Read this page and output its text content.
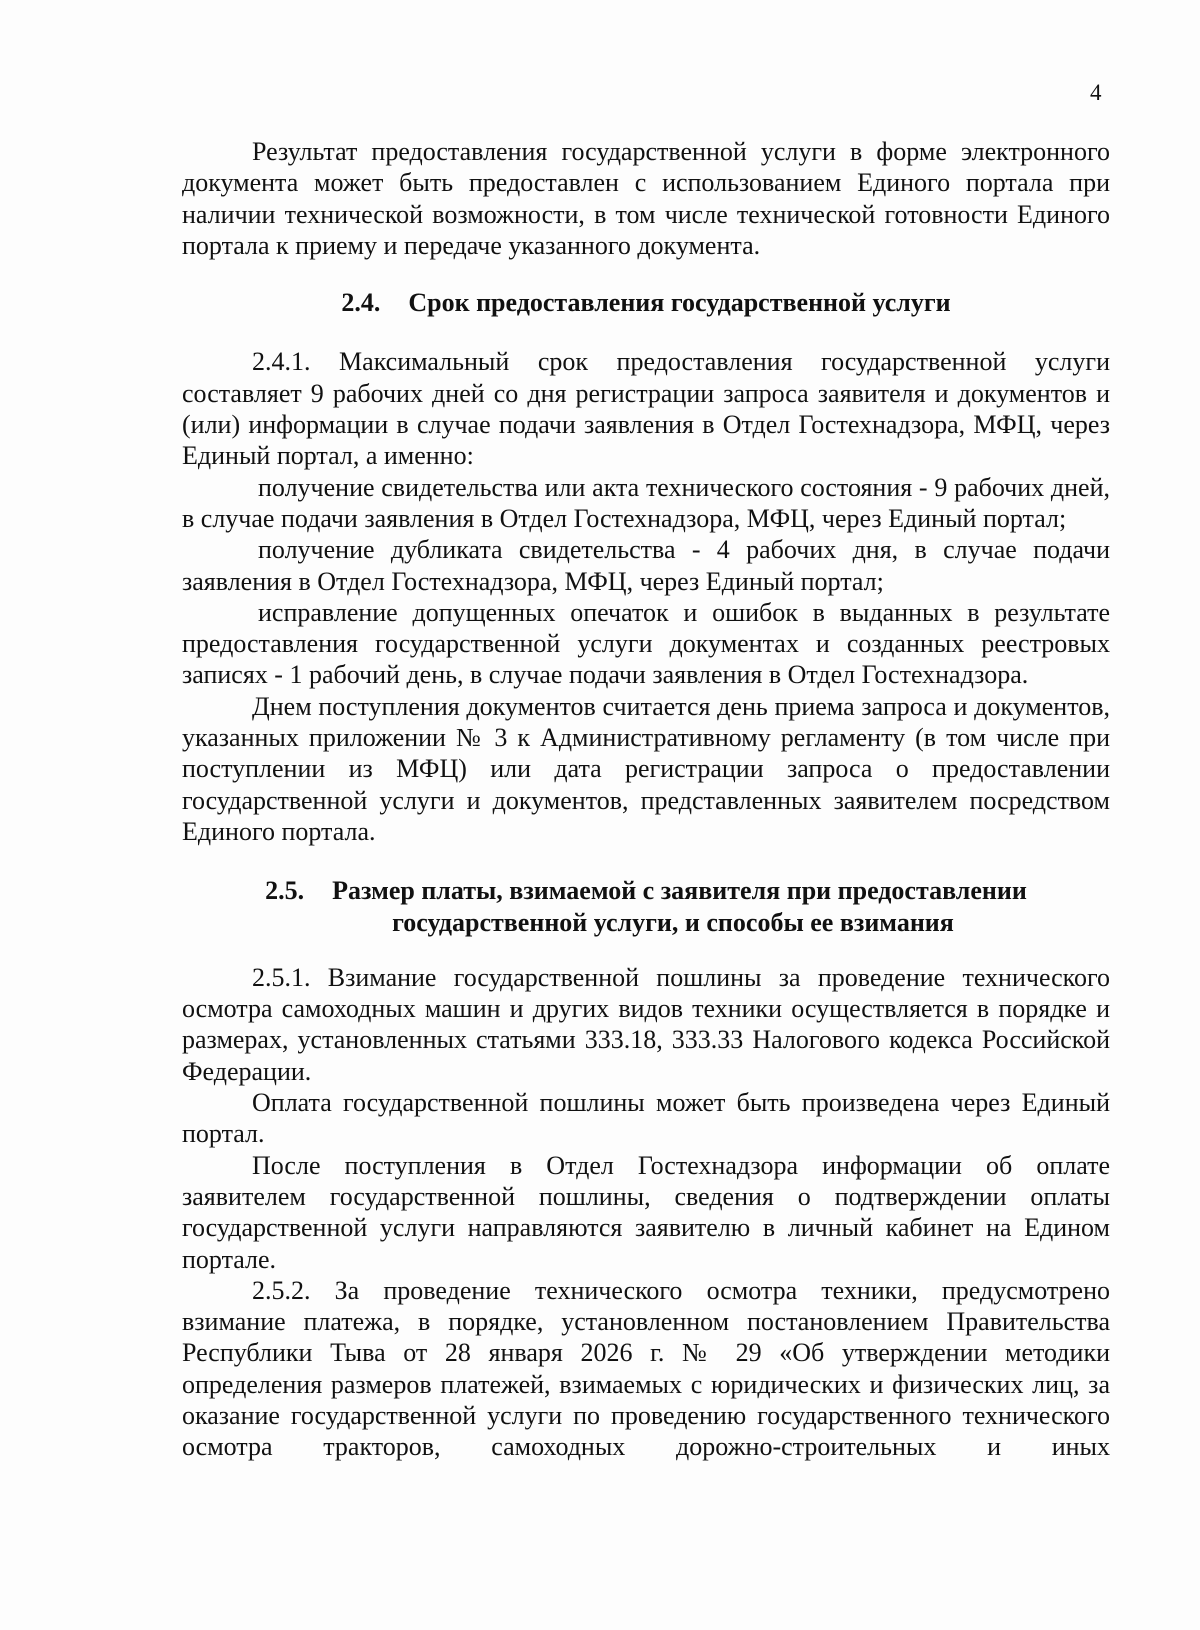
4

Результат предоставления государственной услуги в форме электронного документа может быть предоставлен с использованием Единого портала при наличии технической возможности, в том числе технической готовности Единого портала к приему и передаче указанного документа.

2.4. Срок предоставления государственной услуги

2.4.1. Максимальный срок предоставления государственной услуги составляет 9 рабочих дней со дня регистрации запроса заявителя и документов и (или) информации в случае подачи заявления в Отдел Гостехнадзора, МФЦ, через Единый портал, а именно:

получение свидетельства или акта технического состояния - 9 рабочих дней, в случае подачи заявления в Отдел Гостехнадзора, МФЦ, через Единый портал;

получение дубликата свидетельства - 4 рабочих дня, в случае подачи заявления в Отдел Гостехнадзора, МФЦ, через Единый портал;

исправление допущенных опечаток и ошибок в выданных в результате предоставления государственной услуги документах и созданных реестровых записях - 1 рабочий день, в случае подачи заявления в Отдел Гостехнадзора.

Днем поступления документов считается день приема запроса и документов, указанных приложении № 3 к Административному регламенту (в том числе при поступлении из МФЦ) или дата регистрации запроса о предоставлении государственной услуги и документов, представленных заявителем посредством Единого портала.

2.5. Размер платы, взимаемой с заявителя при предоставлении
государственной услуги, и способы ее взимания

2.5.1. Взимание государственной пошлины за проведение технического осмотра самоходных машин и других видов техники осуществляется в порядке и размерах, установленных статьями 333.18, 333.33 Налогового кодекса Российской Федерации.

Оплата государственной пошлины может быть произведена через Единый портал.

После поступления в Отдел Гостехнадзора информации об оплате заявителем государственной пошлины, сведения о подтверждении оплаты государственной услуги направляются заявителю в личный кабинет на Едином портале.

2.5.2. За проведение технического осмотра техники, предусмотрено взимание платежа, в порядке, установленном постановлением Правительства Республики Тыва от 28 января 2026 г. № 29 «Об утверждении методики определения размеров платежей, взимаемых с юридических и физических лиц, за оказание государственной услуги по проведению государственного технического осмотра тракторов, самоходных дорожно-строительных и иных
